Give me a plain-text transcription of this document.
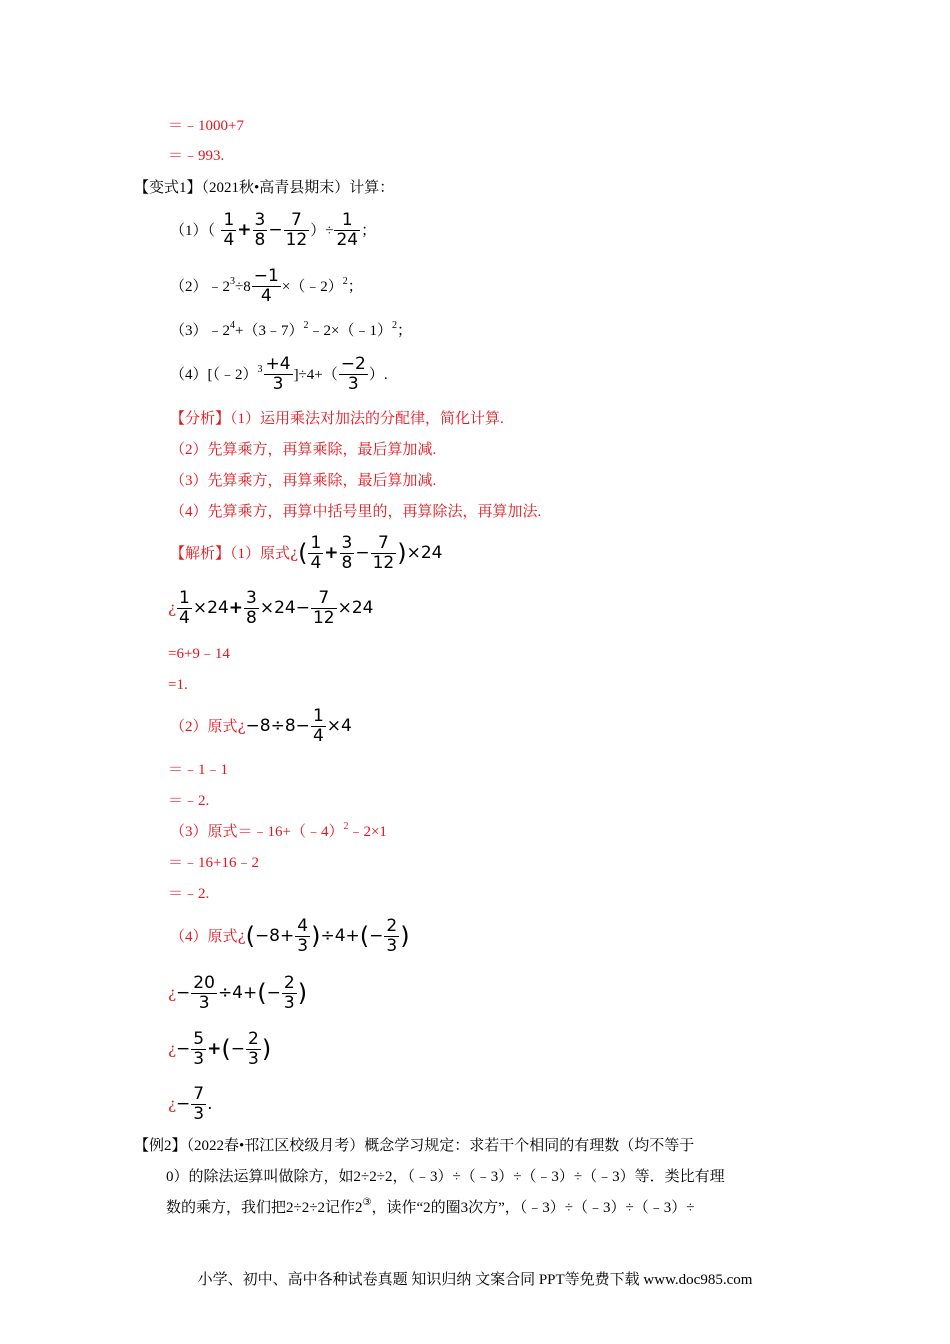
＝﹣1000+7
＝﹣993.
【变式1】（2021秋•高青县期末）计算：
$(1)( \frac{1}{4} + \frac{3}{8} - \frac{7}{12}$ ）÷ $\frac{1}{24}$ ；
$(2)﹣2^3\div 8 \frac{-1}{4}$ ×（﹣2）$^2$；
$(3)﹣2^4+(3﹣7)^2﹣2\times(﹣1)^2$；
（4）[（﹣2）$^3$ $\frac{+4}{3} ]\div 4+( \frac{-2}{3}$ ）.
【分析】（1）运用乘法对加法的分配律，简化计算.
（2）先算乘方，再算乘除，最后算加减.
（3）先算乘方，再算乘除，最后算加减.
（4）先算乘方，再算中括号里的，再算除法，再算加法.
【解析】（1）原式¿( $\frac{1}{4} + \frac{3}{8} - \frac{7}{12} )\times 24$
¿ $\frac{1}{4} \times 24+ \frac{3}{8} \times 24- \frac{7}{12} \times 24$
=6+9﹣14
=1.
（2）原式¿$-8\div 8- \frac{1}{4} \times 4$
＝﹣1﹣1
＝﹣2.
（3）原式＝﹣16+（﹣4）$^2$﹣2×1
＝﹣16+16﹣2
＝﹣2.
（4）原式¿$(-8+ \frac{4}{3} )\div 4+(- \frac{2}{3}$ )
¿− $\frac{20}{3} \div 4+(- \frac{2}{3}$ )
¿− $\frac{5}{3}$ +(− $\frac{2}{3}$ )
¿− $\frac{7}{3}$ .
【例2】（2022春•邗江区校级月考）概念学习规定：求若干个相同的有理数（均不等于
0）的除法运算叫做除方，如2÷2÷2，（﹣3）÷（﹣3）÷（﹣3）÷（﹣3）等．类比有理
数的乘方，我们把2÷2÷2记作2③，读作“2的圈3次方”，（﹣3）÷（﹣3）÷（﹣3）÷
小学、初中、高中各种试卷真题 知识归纳 文案合同 PPT等免费下载 www.doc985.com
